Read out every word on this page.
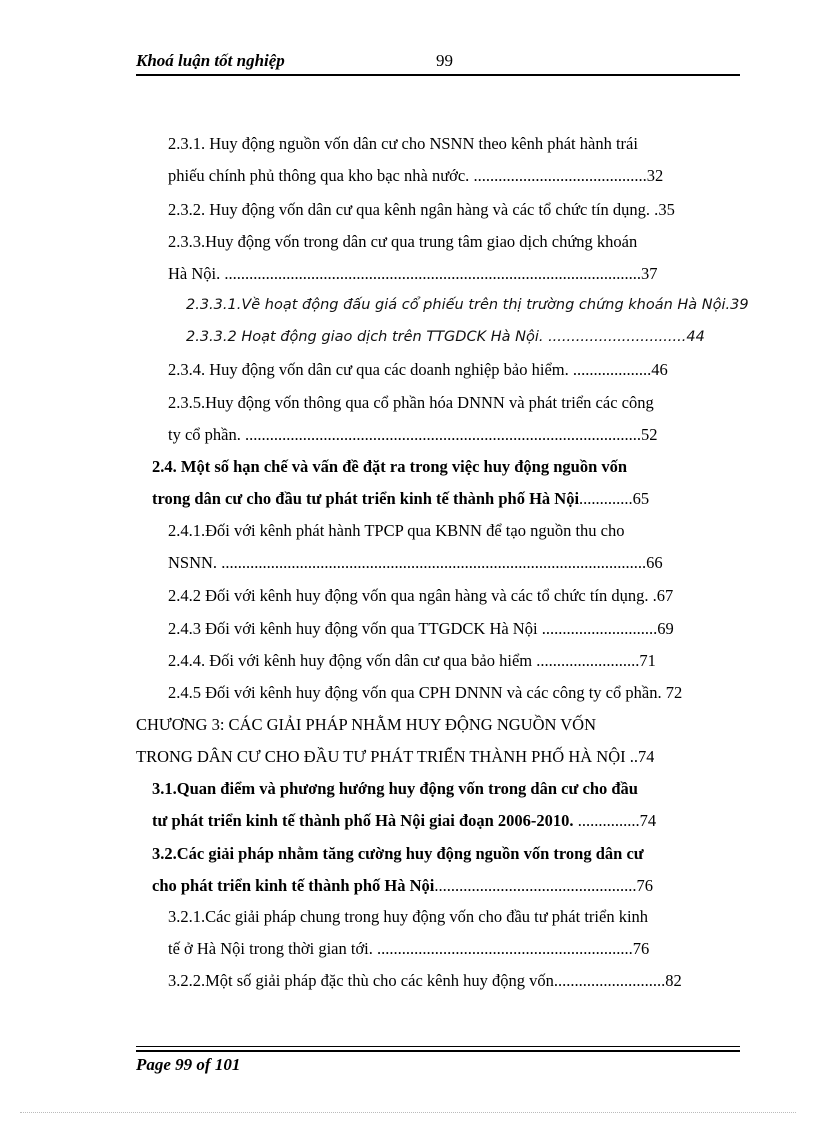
Khoá luận tốt nghiệp	99
2.3.1. Huy động nguồn vốn dân cư cho NSNN theo kênh phát hành trái
phiếu chính phủ thông qua kho bạc nhà nước. ..........................................32
2.3.2. Huy động vốn dân cư qua kênh ngân hàng và các tổ chức tín dụng. .35
2.3.3.Huy động vốn trong dân cư qua trung tâm giao dịch chứng khoán
Hà Nội. .....................................................................................................37
2.3.3.1.Về hoạt động đấu giá cổ phiếu trên thị trường chứng khoán Hà Nội.39
2.3.3.2 Hoạt động giao dịch trên TTGDCK Hà Nội. ..............................44
2.3.4. Huy động vốn dân cư qua các doanh nghiệp bảo hiểm. ...................46
2.3.5.Huy động vốn thông qua cổ phần hóa DNNN và phát triển các công
ty cổ phần. ................................................................................................52
2.4. Một số hạn chế và vấn đề đặt ra trong việc huy động nguồn vốn
trong dân cư cho đầu tư phát triển kinh tế thành phố Hà Nội.............65
2.4.1.Đối với kênh phát hành TPCP qua KBNN để tạo nguồn thu cho
NSNN. .......................................................................................................66
2.4.2 Đối với kênh huy động vốn qua ngân hàng và các tổ chức tín dụng. .67
2.4.3 Đối với kênh huy động vốn qua TTGDCK Hà Nội ............................69
2.4.4. Đối với kênh huy động vốn dân cư qua bảo hiểm .........................71
2.4.5 Đối với kênh huy động vốn qua CPH DNNN và các công ty cổ phần. 72
CHƯƠNG 3: CÁC GIẢI PHÁP NHẰM HUY ĐỘNG NGUỒN VỐN
TRONG DÂN CƯ CHO ĐẦU TƯ PHÁT TRIỂN THÀNH PHỐ HÀ NỘI ..74
3.1.Quan điểm và phương hướng huy động vốn trong dân cư cho đầu
tư phát triển kinh tế thành phố Hà Nội giai đoạn 2006-2010. ...............74
3.2.Các giải pháp nhằm tăng cường huy động nguồn vốn trong dân cư
cho phát triển kinh tế thành phố Hà Nội.................................................76
3.2.1.Các giải pháp chung trong huy động vốn cho đầu tư phát triển kinh
tế ở Hà Nội trong thời gian tới. ..............................................................76
3.2.2.Một số giải pháp đặc thù cho các kênh huy động vốn...........................82
Page 99 of 101
